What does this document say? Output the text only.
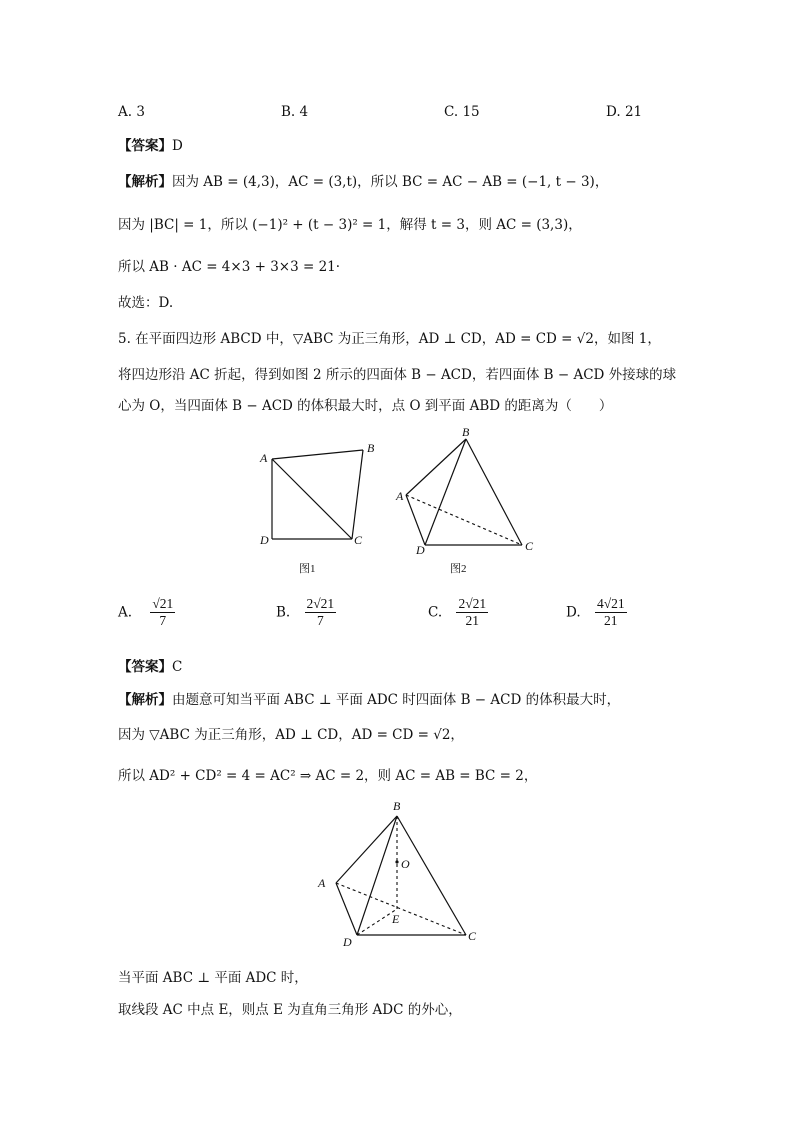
A. 3	B. 4	C. 15	D. 21
【答案】D
【解析】因为 AB = (4,3)，AC = (3,t)，所以 BC = AC − AB = (−1, t − 3)，
因为 |BC| = 1，所以 (−1)² + (t − 3)² = 1，解得 t = 3，则 AC = (3,3)，
所以 AB · AC = 4×3 + 3×3 = 21·
故选：D.
5. 在平面四边形 ABCD 中，▽ABC 为正三角形，AD ⊥ CD，AD = CD = √2，如图 1，
将四边形沿 AC 折起，得到如图 2 所示的四面体 B − ACD，若四面体 B − ACD 外接球的球
心为 O，当四面体 B − ACD 的体积最大时，点 O 到平面 ABD 的距离为（　　）
A
B
D	C
图1
B
A
D	C
图2
A. $\frac{√21}{7}$	B. $\frac{2√21}{7}$	C. $\frac{2√21}{21}$	D. $\frac{4√21}{21}$
【答案】C
【解析】由题意可知当平面 ABC ⊥ 平面 ADC 时四面体 B − ACD 的体积最大时，
因为 ▽ABC 为正三角形，AD ⊥ CD，AD = CD = √2，
所以 AD² + CD² = 4 = AC² ⇒ AC = 2，则 AC = AB = BC = 2，
B
A
D	C
O
E
当平面 ABC ⊥ 平面 ADC 时，
取线段 AC 中点 E，则点 E 为直角三角形 ADC 的外心，
